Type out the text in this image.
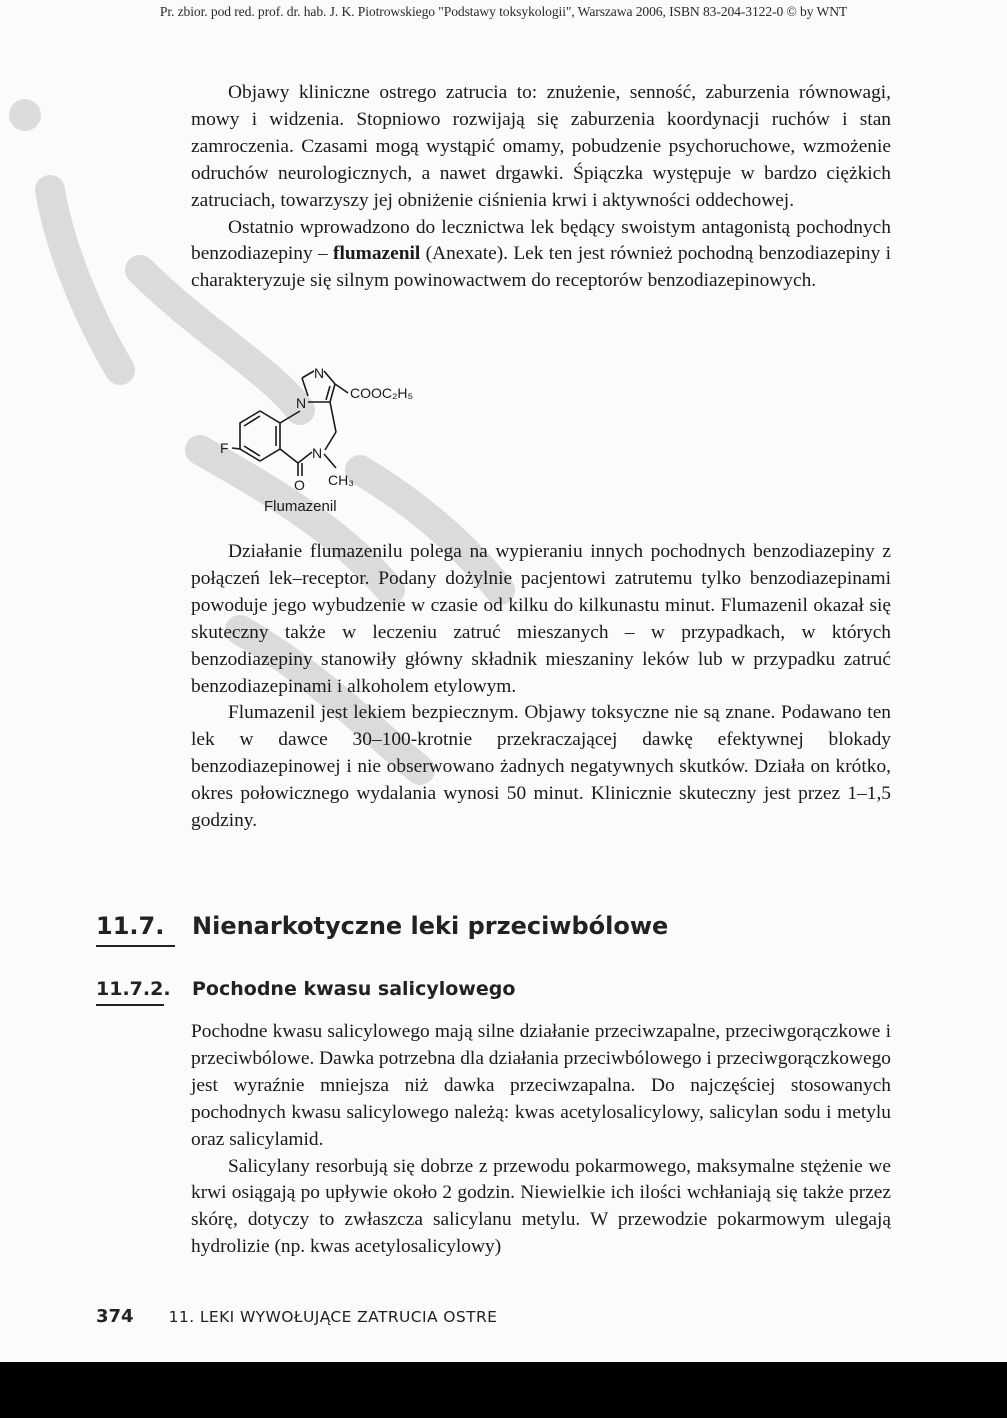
Pr. zbior. pod red. prof. dr. hab. J. K. Piotrowskiego "Podstawy toksykologii", Warszawa 2006, ISBN 83-204-3122-0 © by WNT

Objawy kliniczne ostrego zatrucia to: znużenie, senność, zaburzenia równowagi, mowy i widzenia. Stopniowo rozwijają się zaburzenia koordynacji ruchów i stan zamroczenia. Czasami mogą wystąpić omamy, pobudzenie psychoruchowe, wzmożenie odruchów neurologicznych, a nawet drgawki. Śpiączka występuje w bardzo ciężkich zatruciach, towarzyszy jej obniżenie ciśnienia krwi i aktywności oddechowej.

Ostatnio wprowadzono do lecznictwa lek będący swoistym antagonistą pochodnych benzodiazepiny – flumazenil (Anexate). Lek ten jest również pochodną benzodiazepiny i charakteryzuje się silnym powinowactwem do receptorów benzodiazepinowych.

N
N
N
F
O
COOC₂H₅
CH₃
Flumazenil

Działanie flumazenilu polega na wypieraniu innych pochodnych benzodiazepiny z połączeń lek–receptor. Podany dożylnie pacjentowi zatrutemu tylko benzodiazepinami powoduje jego wybudzenie w czasie od kilku do kilkunastu minut. Flumazenil okazał się skuteczny także w leczeniu zatruć mieszanych – w przypadkach, w których benzodiazepiny stanowiły główny składnik mieszaniny leków lub w przypadku zatruć benzodiazepinami i alkoholem etylowym.

Flumazenil jest lekiem bezpiecznym. Objawy toksyczne nie są znane. Podawano ten lek w dawce 30–100-krotnie przekraczającej dawkę efektywnej blokady benzodiazepinowej i nie obserwowano żadnych negatywnych skutków. Działa on krótko, okres połowicznego wydalania wynosi 50 minut. Klinicznie skuteczny jest przez 1–1,5 godziny.

11.7. Nienarkotyczne leki przeciwbólowe
11.7.2. Pochodne kwasu salicylowego

Pochodne kwasu salicylowego mają silne działanie przeciwzapalne, przeciwgorączkowe i przeciwbólowe. Dawka potrzebna dla działania przeciwbólowego i przeciwgorączkowego jest wyraźnie mniejsza niż dawka przeciwzapalna. Do najczęściej stosowanych pochodnych kwasu salicylowego należą: kwas acetylosalicylowy, salicylan sodu i metylu oraz salicylamid.

Salicylany resorbują się dobrze z przewodu pokarmowego, maksymalne stężenie we krwi osiągają po upływie około 2 godzin. Niewielkie ich ilości wchłaniają się także przez skórę, dotyczy to zwłaszcza salicylanu metylu. W przewodzie pokarmowym ulegają hydrolizie (np. kwas acetylosalicylowy)

374 11. LEKI WYWOŁUJĄCE ZATRUCIA OSTRE
